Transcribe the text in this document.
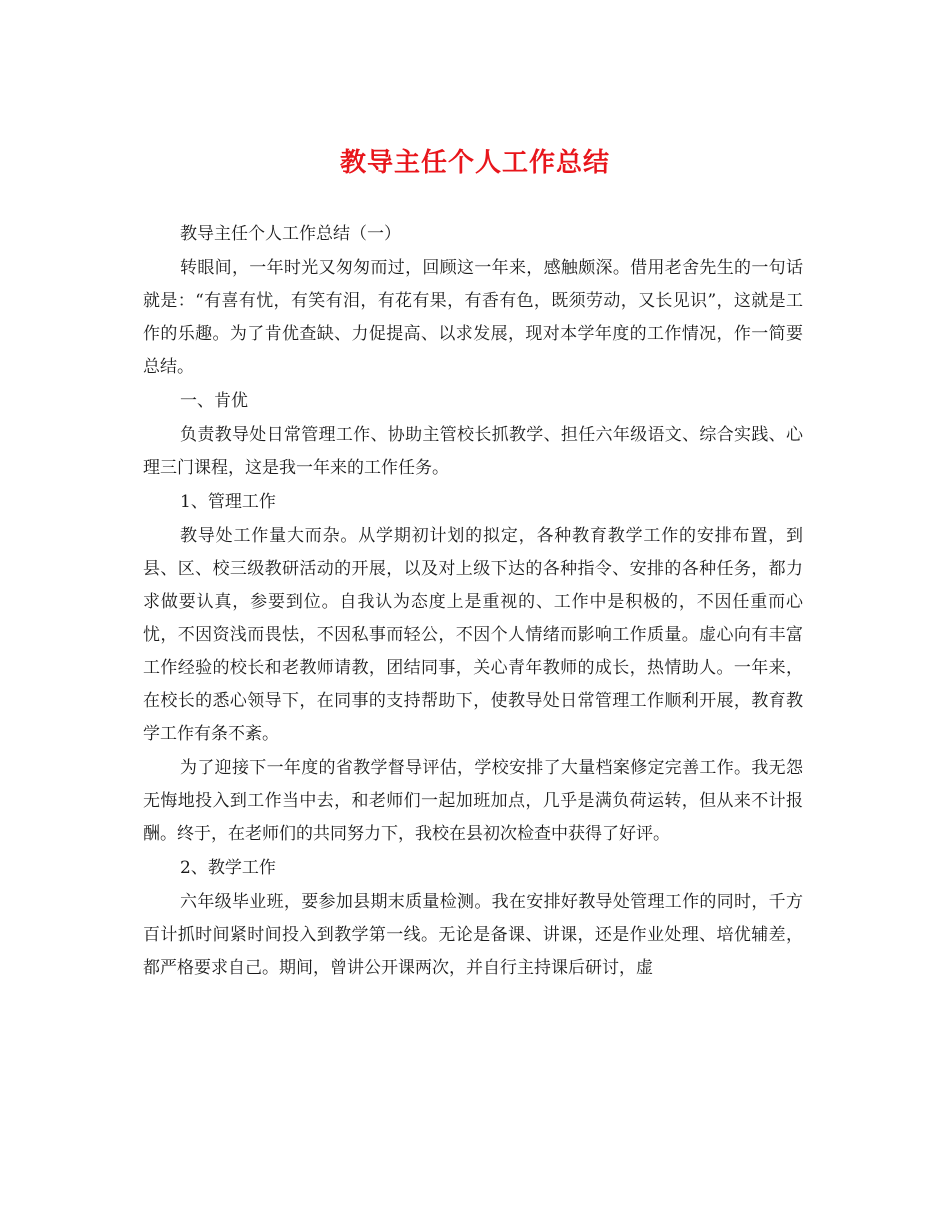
教导主任个人工作总结

教导主任个人工作总结（一）

转眼间，一年时光又匆匆而过，回顾这一年来，感触颇深。借用老舍先生的一句话就是：“有喜有忧，有笑有泪，有花有果，有香有色，既须劳动，又长见识”，这就是工作的乐趣。为了肯优查缺、力促提高、以求发展，现对本学年度的工作情况，作一简要总结。

一、肯优

负责教导处日常管理工作、协助主管校长抓教学、担任六年级语文、综合实践、心理三门课程，这是我一年来的工作任务。

1、管理工作

教导处工作量大而杂。从学期初计划的拟定，各种教育教学工作的安排布置，到县、区、校三级教研活动的开展，以及对上级下达的各种指令、安排的各种任务，都力求做要认真，参要到位。自我认为态度上是重视的、工作中是积极的，不因任重而心忧，不因资浅而畏怯，不因私事而轻公，不因个人情绪而影响工作质量。虚心向有丰富工作经验的校长和老教师请教，团结同事，关心青年教师的成长，热情助人。一年来，在校长的悉心领导下，在同事的支持帮助下，使教导处日常管理工作顺利开展，教育教学工作有条不紊。

为了迎接下一年度的省教学督导评估，学校安排了大量档案修定完善工作。我无怨无悔地投入到工作当中去，和老师们一起加班加点，几乎是满负荷运转，但从来不计报酬。终于，在老师们的共同努力下，我校在县初次检查中获得了好评。

2、教学工作

六年级毕业班，要参加县期末质量检测。我在安排好教导处管理工作的同时，千方百计抓时间紧时间投入到教学第一线。无论是备课、讲课，还是作业处理、培优辅差，都严格要求自己。期间，曾讲公开课两次，并自行主持课后研讨，虚
